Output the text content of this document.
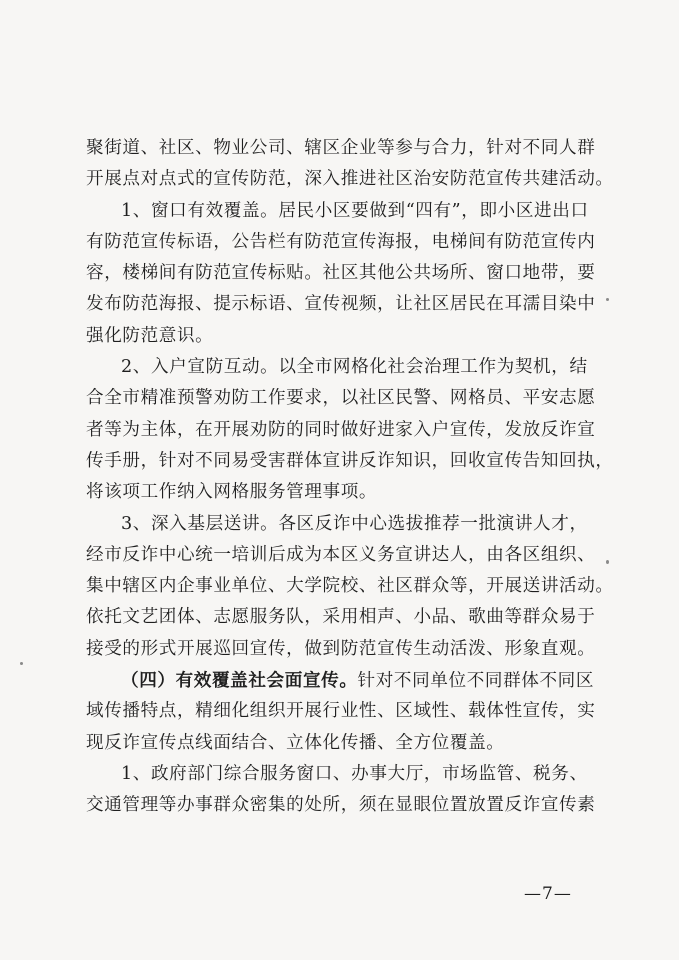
聚街道、社区、物业公司、辖区企业等参与合力，针对不同人群
开展点对点式的宣传防范，深入推进社区治安防范宣传共建活动。
1、窗口有效覆盖。居民小区要做到“四有”，即小区进出口
有防范宣传标语，公告栏有防范宣传海报，电梯间有防范宣传内
容，楼梯间有防范宣传标贴。社区其他公共场所、窗口地带，要
发布防范海报、提示标语、宣传视频，让社区居民在耳濡目染中
强化防范意识。
2、入户宣防互动。以全市网格化社会治理工作为契机，结
合全市精准预警劝防工作要求，以社区民警、网格员、平安志愿
者等为主体，在开展劝防的同时做好进家入户宣传，发放反诈宣
传手册，针对不同易受害群体宣讲反诈知识，回收宣传告知回执，
将该项工作纳入网格服务管理事项。
3、深入基层送讲。各区反诈中心选拔推荐一批演讲人才，
经市反诈中心统一培训后成为本区义务宣讲达人，由各区组织、
集中辖区内企事业单位、大学院校、社区群众等，开展送讲活动。
依托文艺团体、志愿服务队，采用相声、小品、歌曲等群众易于
接受的形式开展巡回宣传，做到防范宣传生动活泼、形象直观。
（四）有效覆盖社会面宣传。针对不同单位不同群体不同区
域传播特点，精细化组织开展行业性、区域性、载体性宣传，实
现反诈宣传点线面结合、立体化传播、全方位覆盖。
1、政府部门综合服务窗口、办事大厅，市场监管、税务、
交通管理等办事群众密集的处所，须在显眼位置放置反诈宣传素
—7—
